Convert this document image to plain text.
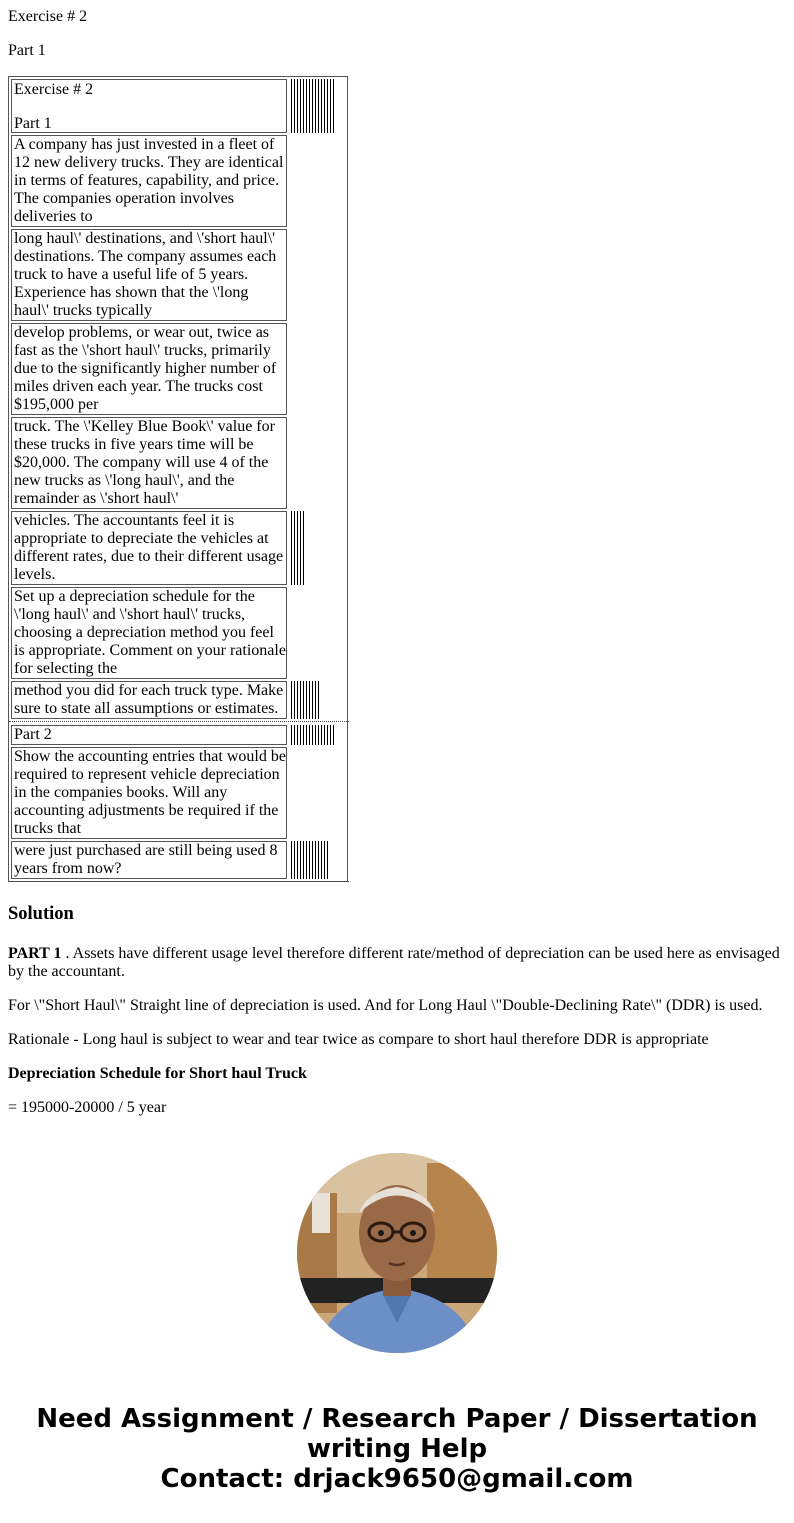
Exercise # 2
Part 1
Exercise # 2
Part 1
A company has just invested in a fleet of 12 new delivery trucks. They are identical in terms of features, capability, and price. The companies operation involves deliveries to
long haul\' destinations, and \'short haul\' destinations. The company assumes each truck to have a useful life of 5 years. Experience has shown that the \'long haul\' trucks typically
develop problems, or wear out, twice as fast as the \'short haul\' trucks, primarily due to the significantly higher number of miles driven each year. The trucks cost $195,000 per
truck. The \'Kelley Blue Book\' value for these trucks in five years time will be $20,000. The company will use 4 of the new trucks as \'long haul\', and the remainder as \'short haul\'
vehicles. The accountants feel it is appropriate to depreciate the vehicles at different rates, due to their different usage levels.
Set up a depreciation schedule for the \'long haul\' and \'short haul\' trucks, choosing a depreciation method you feel is appropriate. Comment on your rationale for selecting the
method you did for each truck type. Make sure to state all assumptions or estimates.
Part 2
Show the accounting entries that would be required to represent vehicle depreciation in the companies books. Will any accounting adjustments be required if the trucks that
were just purchased are still being used 8 years from now?
Solution
PART 1 . Assets have different usage level therefore different rate/method of depreciation can be used here as envisaged by the accountant.
For \"Short Haul\" Straight line of depreciation is used. And for Long Haul \"Double-Declining Rate\" (DDR) is used.
Rationale - Long haul is subject to wear and tear twice as compare to short haul therefore DDR is appropriate
Depreciation Schedule for Short haul Truck
= 195000-20000 / 5 year
Need Assignment / Research Paper / Dissertation
writing Help
Contact: drjack9650@gmail.com
